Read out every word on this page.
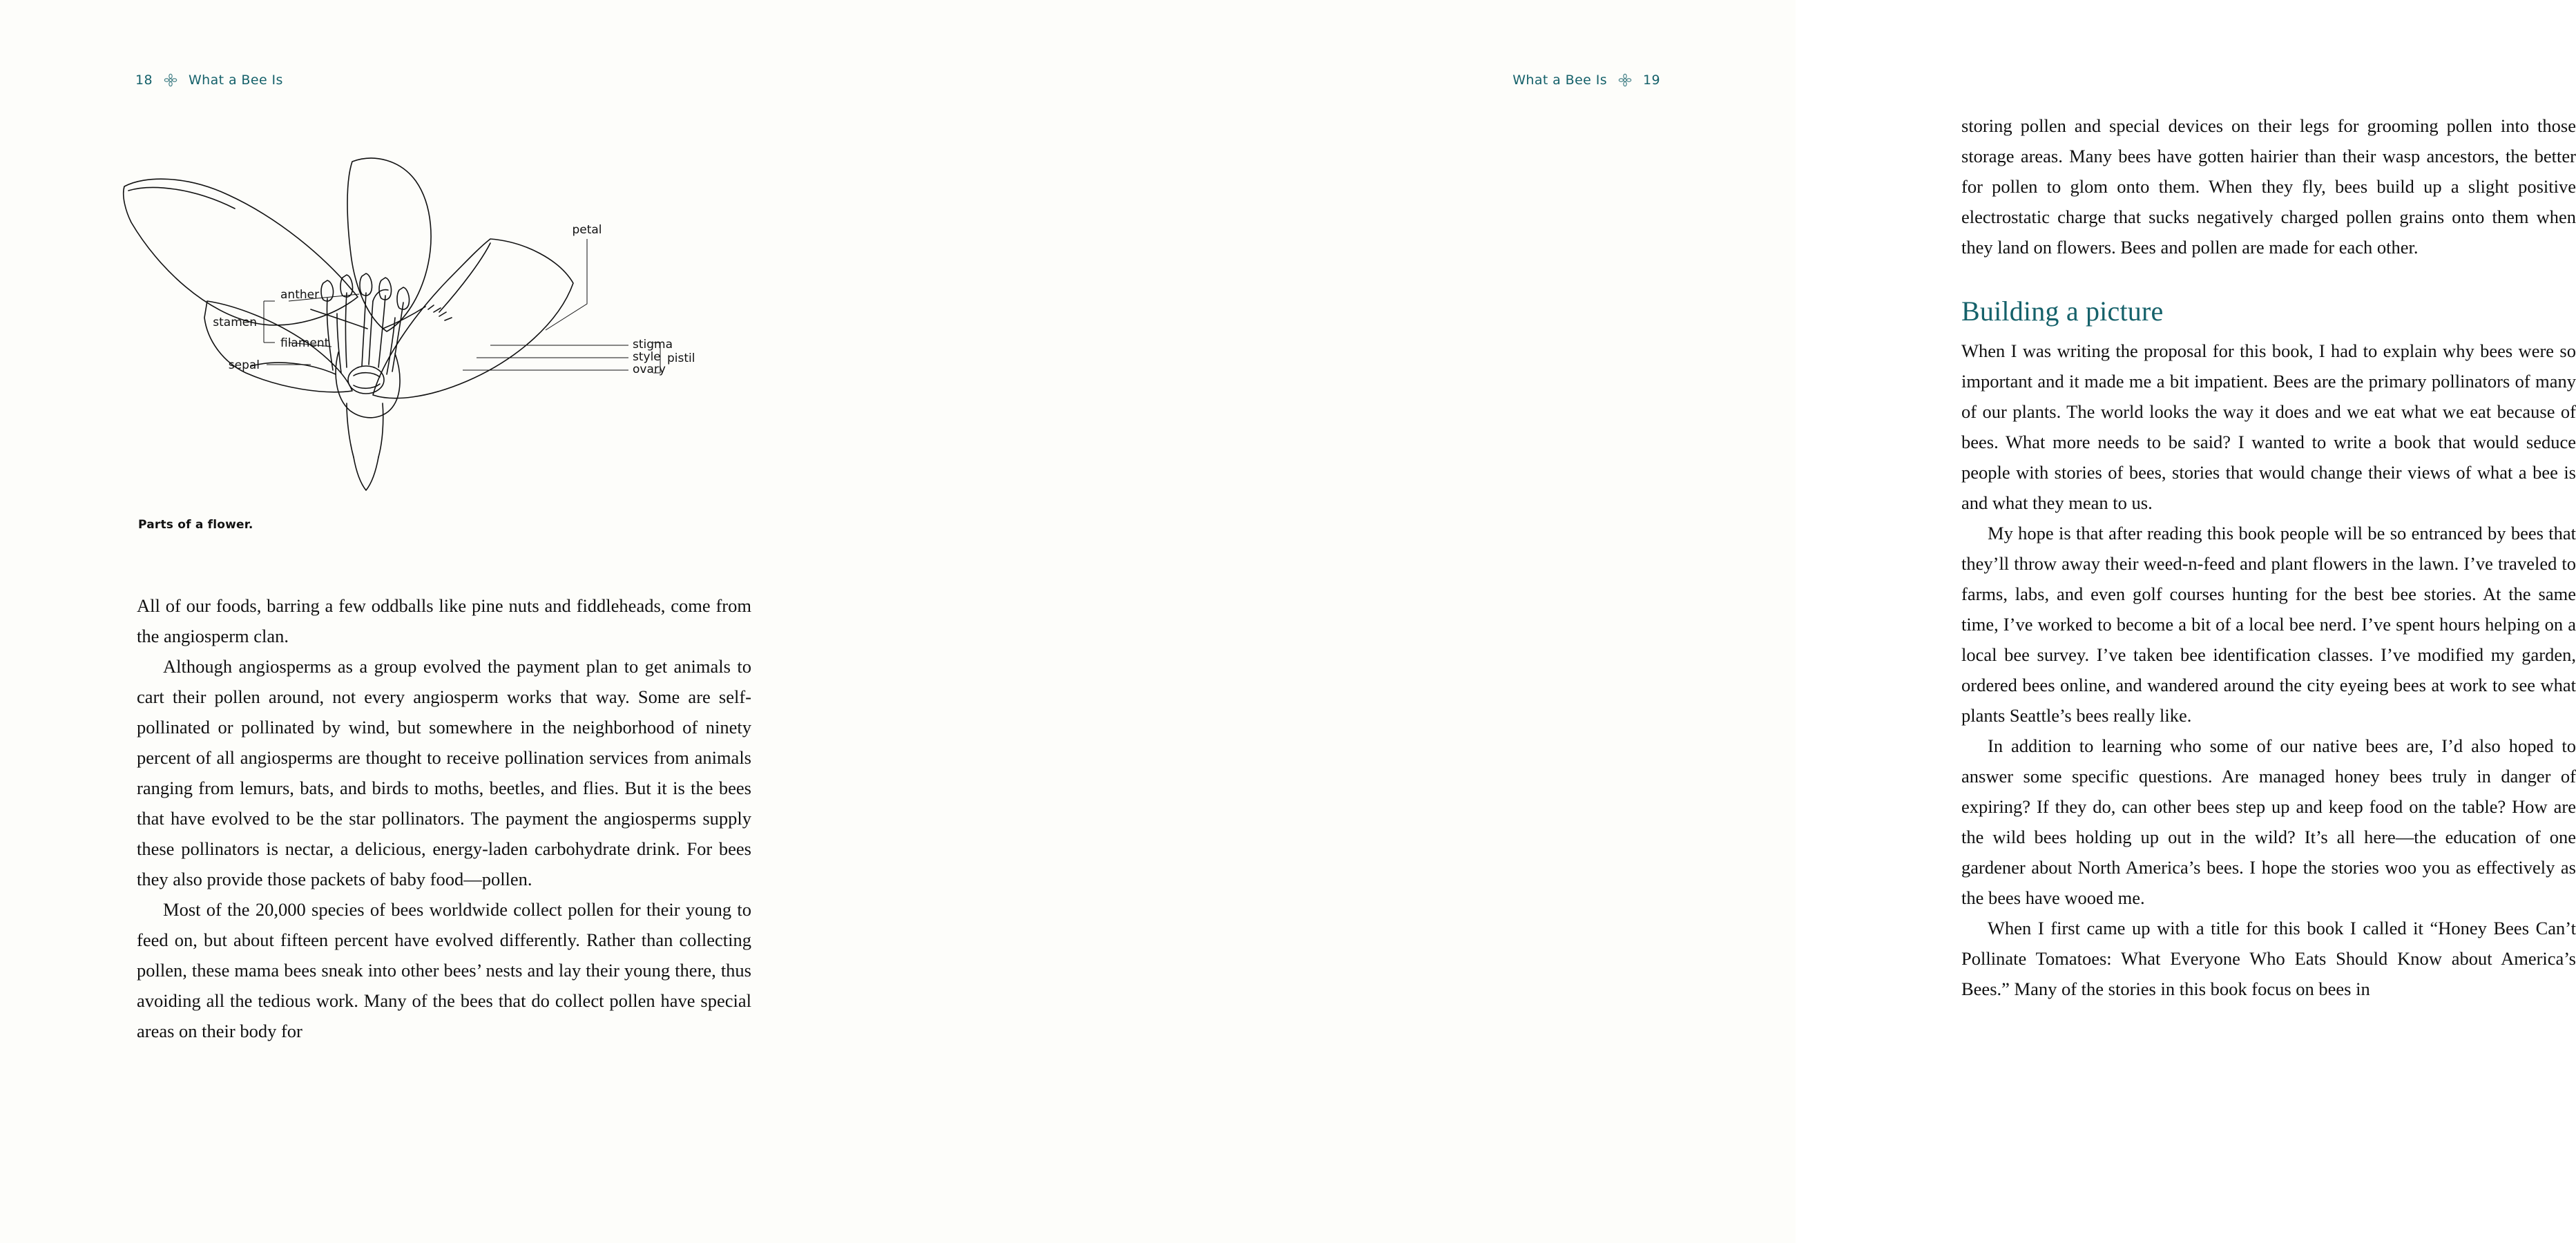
18	What a Bee Is
petal
stamen
anther
filament
sepal
stigma
style
ovary
pistil
Parts of a flower.

All of our foods, barring a few oddballs like pine nuts and fiddleheads, come from the angiosperm clan.

Although angiosperms as a group evolved the payment plan to get animals to cart their pollen around, not every angiosperm works that way. Some are self-pollinated or pollinated by wind, but somewhere in the neighborhood of ninety percent of all angiosperms are thought to receive pollination services from animals ranging from lemurs, bats, and birds to moths, beetles, and flies. But it is the bees that have evolved to be the star pollinators. The payment the angiosperms supply these pollinators is nectar, a delicious, energy-laden carbohydrate drink. For bees they also provide those packets of baby food—pollen.

Most of the 20,000 species of bees worldwide collect pollen for their young to feed on, but about fifteen percent have evolved differently. Rather than collecting pollen, these mama bees sneak into other bees’ nests and lay their young there, thus avoiding all the tedious work. Many of the bees that do collect pollen have special areas on their body for

What a Bee Is	19

storing pollen and special devices on their legs for grooming pollen into those storage areas. Many bees have gotten hairier than their wasp ancestors, the better for pollen to glom onto them. When they fly, bees build up a slight positive electrostatic charge that sucks negatively charged pollen grains onto them when they land on flowers. Bees and pollen are made for each other.

Building a picture

When I was writing the proposal for this book, I had to explain why bees were so important and it made me a bit impatient. Bees are the primary pollinators of many of our plants. The world looks the way it does and we eat what we eat because of bees. What more needs to be said? I wanted to write a book that would seduce people with stories of bees, stories that would change their views of what a bee is and what they mean to us.

My hope is that after reading this book people will be so entranced by bees that they’ll throw away their weed-n-feed and plant flowers in the lawn. I’ve traveled to farms, labs, and even golf courses hunting for the best bee stories. At the same time, I’ve worked to become a bit of a local bee nerd. I’ve spent hours helping on a local bee survey. I’ve taken bee identification classes. I’ve modified my garden, ordered bees online, and wandered around the city eyeing bees at work to see what plants Seattle’s bees really like.

In addition to learning who some of our native bees are, I’d also hoped to answer some specific questions. Are managed honey bees truly in danger of expiring? If they do, can other bees step up and keep food on the table? How are the wild bees holding up out in the wild? It’s all here—the education of one gardener about North America’s bees. I hope the stories woo you as effectively as the bees have wooed me.

When I first came up with a title for this book I called it “Honey Bees Can’t Pollinate Tomatoes: What Everyone Who Eats Should Know about America’s Bees.” Many of the stories in this book focus on bees in
